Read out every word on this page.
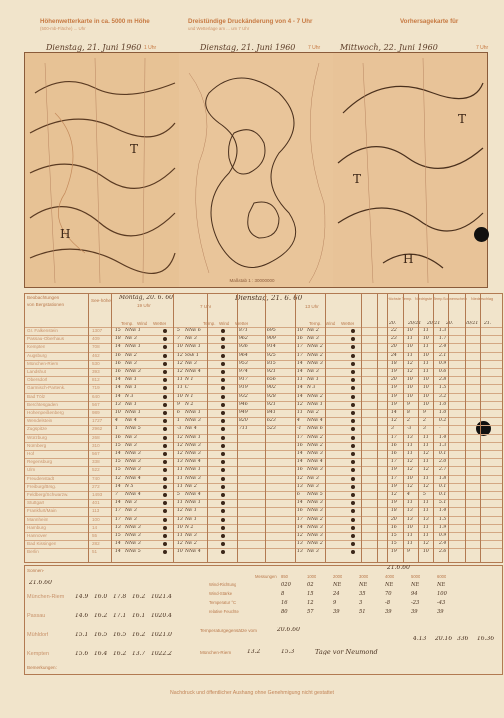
Höhenwetterkarte in ca. 5000 m Höhe
(500-mb-Fläche) ... Uhr
Dienstag, 21. Juni 1960 1 Uhr
Dreistündige Druckänderung von 4 - 7 Uhr
und Wetterlage am ... um 7 Uhr
Dienstag, 21. Juni 1960	7 Uhr
Vorhersagekarte für
Mittwoch, 22. Juni 1960	7 Uhr
H
T
T
T
H
Maßstab 1 : 30000000
Beobachtungen
von Bergstationen
See-höhe Montag, 20. 6. 60
19 Uhr
Dienstag, 21. 6. 60
7 Uhr	13 Uhr
Höchste Temp. Niedrigste Temp. Sonnenschein Niederschlag
20.	20/21 20/21 20.	20/21 21.
Temp.	Temp.	Temp.
Wind	Wind	Wind
Wetter	Wetter	Wetter
Gr. Falkenstein	1307	15 NNE 1	5 NNE 6	871	695	10 NE 2	22 10 11 1.3
Passau-Oberhaus	409	18 NE 3	7 NE 3	962	909	16 NE 3	23 11 10 1.7
Kempten	708	14 NNE 1	10 NNE 1	936	914	17 NNE 2	20 10 11 2.4
Augsburg	462	16 NE 2	12 SSE 1	964	925	17 NNE 2	24 11 10 2.1
München-Riem	530	16 NE 3	12 NE 3	953	815	14 NNE 3	18 12 11 0.9
Landshut	393	16 NNE 3	12 NNE 4	974	921	14 NE 3	19 12 11 0.6
Obersdorf	812	14 NE 1	11 N 1	917	656	11 NE 1	20 10 10 2.8
Garmisch-Partenk.	719	14 NE 1	11 C	919	902	14 N 3	19 10 10 1.5
Bad Tölz	640	14 N 3	10 N 1	932	928	14 NNE 2	19 10 10 3.2
Berchtesgaden	567	13 NE 1	9 N 2	946	921	12 NNE 1	19 9	10 1.0
Hohenpeißenberg	989	10 NNE 1	6 NNE 1	949	841	11 NE 2	14 8	9	1.0
Wendelstein	1727	4 NE 4	1 NNE 3	820	623	4 NNE 4	12 2	2	0.2
Zugspitze	2962	1 NNE 5	-3 NE 4	711	523	-1 NNE 6	3	-3	3	-
Würzburg	268	16 NE 3	12 NNE 1	17 NNE 2	17 13 11 1.4
Nürnberg	310	15 NE 3	12 NNE 3	16 NNE 2	16 11 11 1.3
Hof	567	14 NNE 3	12 NNE 3	14 NNE 3	16 11 12 0.1
Regensburg	338	15 NNE 3	13 NNE 4	14 NNE 4	17 12 11 2.0
Ulm	522	15 NNE 3	11 NNE 1	16 NNE 3	19 12 12 2.7
Freudenstadt	740	12 NNE 4	11 NNE 3	12 NE 3	17 10 11 1.8
Freiburg/Brsg.	272	14 N 5	11 NE 2	13 NE 3	19 12 12 0.1
Feldberg/Schwarzw.	1493	7 NNE 4	5 NNE 4	6 NNE 5	12 4	5	0.1
Stuttgart	401	14 NE 3	11 NNE 1	14 NNE 3	19 11 11 5.1
Frankfurt/Main	113	17 NE 3	12 NE 1	16 NNE 3	18 13 11 1.4
Mannheim	100	17 NE 3	13 NE 1	17 NNE 2	20 13 13 1.5
Hamburg	14	13 NNE 3	10 N 2	14 NNE 3	16 10 11 1.9
Hannover	55	15 NNE 3	11 NE 3	12 NNE 3	15 11 11 0.9
Bad Kissingen	282	14 NNE 3	12 NE 2	13 NNE 2	15 11 12 2.4
Berlin	51	14 NNE 5	10 NNE 4	13 NE 3	19 9	10 2.6
Sonnen-
21.6.60
München-Riem 14.9 16.0 17.8 16.2 1021.4
Passau	14.6 16.2 17.1 16.1 1020.4
Mühldorf	15.1 16.5 16.5 16.2 1021.0
Kempten	15.6 16.4 16.2 13.7 1022.2
21.6.60
Messungen 850	1000	2000	3000	4000	5000	6000
Wind-Richtung	020	02	NE	NE	NE	NE	NE
Wind-Stärke	8	15	24	35	70	94	100
Temperatur °C	16	12	9	3	-8	-23	-43
relative Feuchte	80	57	39	51	39	39	39
Temperaturgegensätze vom	20.6.60
München-Riem	13.2	15.3	Tage vor Neumond
4.13 20.16 336 16.36
Bemerkungen:
Nachdruck und öffentlicher Aushang ohne Genehmigung nicht gestattet
